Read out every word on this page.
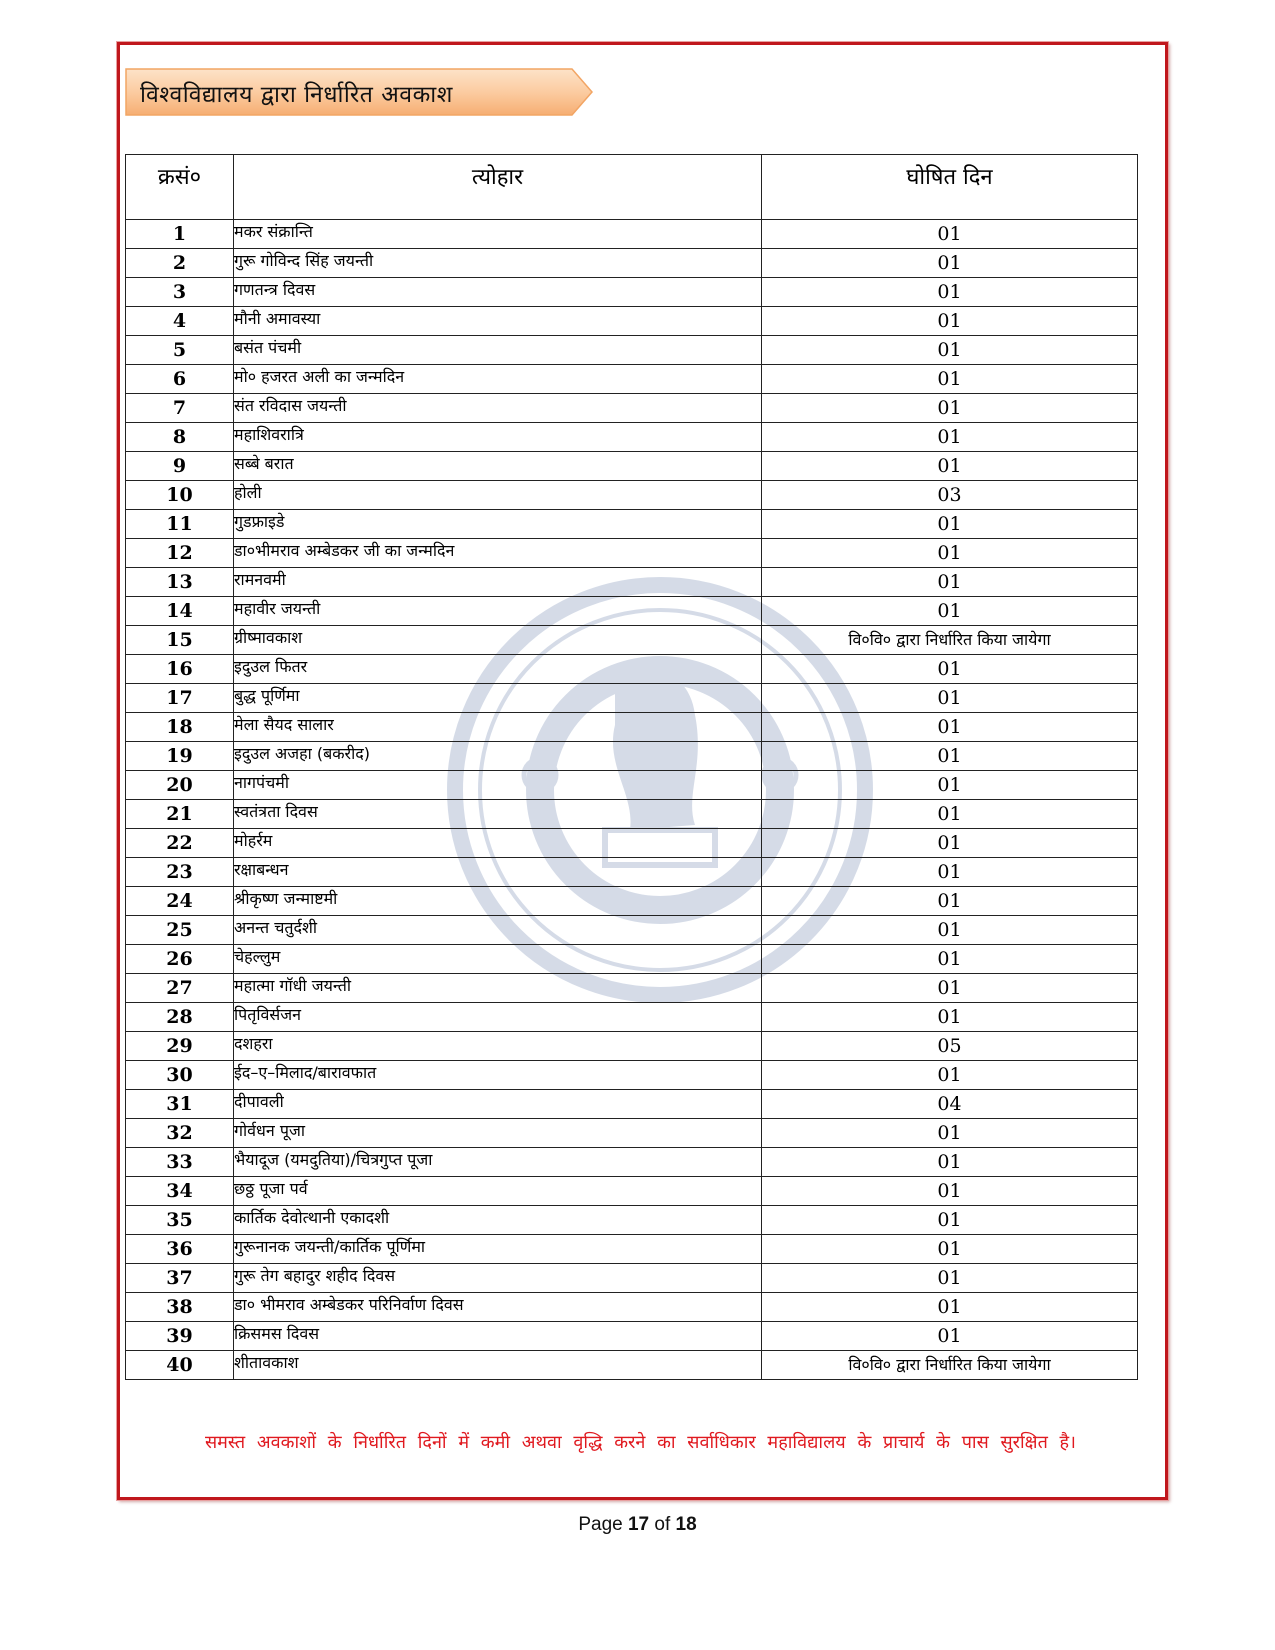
विश्वविद्यालय द्वारा निर्धारित अवकाश
क्रसं०	त्योहार	घोषित दिन
1	मकर संक्रान्ति	01
2	गुरू गोविन्द सिंह जयन्ती	01
3	गणतन्त्र दिवस	01
4	मौनी अमावस्या	01
5	बसंत पंचमी	01
6	मो० हजरत अली का जन्मदिन	01
7	संत रविदास जयन्ती	01
8	महाशिवरात्रि	01
9	सब्बे बरात	01
10	होली	03
11	गुडफ्राइडे	01
12	डा०भीमराव अम्बेडकर जी का जन्मदिन	01
13	रामनवमी	01
14	महावीर जयन्ती	01
15	ग्रीष्मावकाश	वि०वि० द्वारा निर्धारित किया जायेगा
16	इदुउल फितर	01
17	बुद्ध पूर्णिमा	01
18	मेला सैयद सालार	01
19	इदुउल अजहा (बकरीद)	01
20	नागपंचमी	01
21	स्वतंत्रता दिवस	01
22	मोहर्रम	01
23	रक्षाबन्धन	01
24	श्रीकृष्ण जन्माष्टमी	01
25	अनन्त चतुर्दशी	01
26	चेहल्लुम	01
27	महात्मा गॉधी जयन्ती	01
28	पितृविर्सजन	01
29	दशहरा	05
30	ईद–ए–मिलाद/बारावफात	01
31	दीपावली	04
32	गोर्वधन पूजा	01
33	भैयादूज (यमदुतिया)/चित्रगुप्त पूजा	01
34	छठ्ठ पूजा पर्व	01
35	कार्तिक देवोत्थानी एकादशी	01
36	गुरूनानक जयन्ती/कार्तिक पूर्णिमा	01
37	गुरू तेग बहादुर शहीद दिवस	01
38	डा० भीमराव अम्बेडकर परिनिर्वाण दिवस	01
39	क्रिसमस दिवस	01
40	शीतावकाश	वि०वि० द्वारा निर्धारित किया जायेगा
समस्त अवकाशों के निर्धारित दिनों में कमी अथवा वृद्धि करने का सर्वाधिकार महाविद्यालय के प्राचार्य के पास सुरक्षित है।
Page 17 of 18
